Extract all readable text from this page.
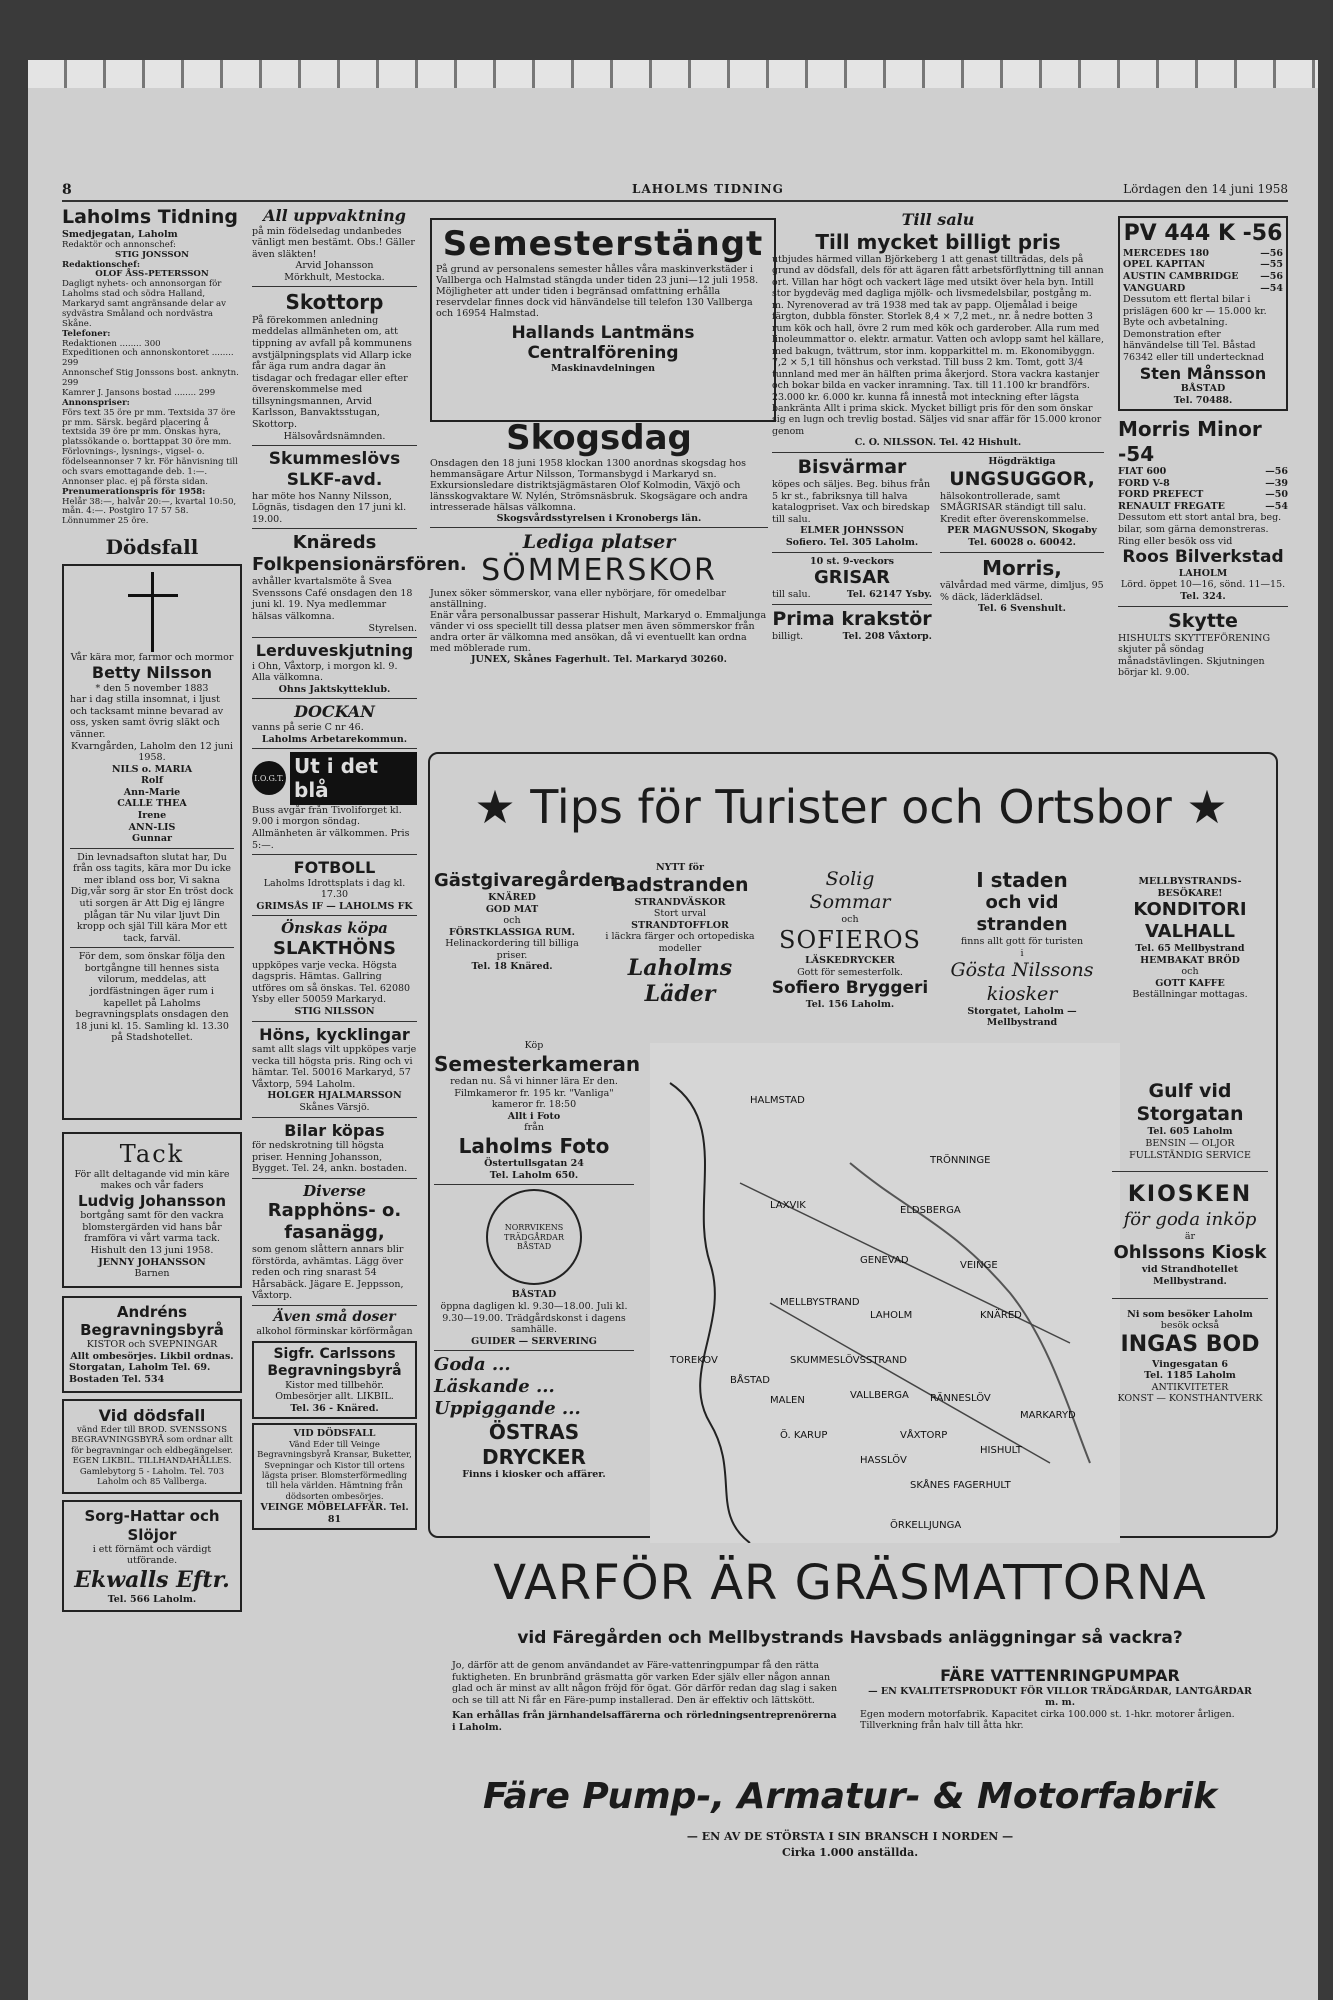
8	LAHOLMS TIDNING	Lördagen den 14 juni 1958
Laholms Tidning
Smedjegatan, Laholm

Redaktör och annonschef:

STIG JONSSON

Redaktionschef:

OLOF ÅSS-PETERSSON

Dagligt nyhets- och annonsorgan för Laholms stad och södra Halland, Markaryd samt angränsande delar av sydvästra Småland och nordvästra Skåne.

Telefoner:

Redaktionen ........ 300

Expeditionen och annonskontoret ........ 299

Annonschef Stig Jonssons bost. anknytn. 299

Kamrer J. Jansons bostad ........ 299

Annonspriser:

Förs text 35 öre pr mm. Textsida 37 öre pr mm. Särsk. begärd placering å textsida 39 öre pr mm. Önskas hyra, platssökande o. borttappat 30 öre mm. Förlovnings-, lysnings-, vigsel- o. födelseannonser 7 kr. För hänvisning till och svars emottagande deb. 1:—. Annonser plac. ej på första sidan.

Prenumerationspris för 1958:

Helår 38:—, halvår 20:—, kvartal 10:50, mån. 4:—. Postgiro 17 57 58.

Lönnummer 25 öre.

Dödsfall
Vår kära mor, farmor och mormor
Betty Nilsson
* den 5 november 1883

har i dag stilla insomnat, i ljust och tacksamt minne bevarad av oss, ysken samt övrig släkt och vänner.

Kvarngården, Laholm den 12 juni 1958.

NILS o. MARIA

Rolf

Ann-Marie

CALLE THEA

Irene

ANN-LIS

Gunnar

Din levnadsafton slutat har, Du från oss tagits, kära mor Du icke mer ibland oss bor, Vi sakna Dig,vår sorg är stor En tröst dock uti sorgen är Att Dig ej längre plågan tär Nu vilar ljuvt Din kropp och själ Till kära Mor ett tack, farväl.

För dem, som önskar följa den bortgångne till hennes sista vilorum, meddelas, att jordfästningen äger rum i kapellet på Laholms begravningsplats onsdagen den 18 juni kl. 15. Samling kl. 13.30 på Stadshotellet.

Tack

För allt deltagande vid min käre makes och vår faders

Ludvig Johansson

bortgång samt för den vackra blomstergärden vid hans bår framföra vi vårt varma tack.

Hishult den 13 juni 1958.

JENNY JOHANSSON

Barnen

Andréns Begravningsbyrå

KISTOR och SVEPNINGAR

Allt ombesörjes. Likbil ordnas.

Storgatan, Laholm Tel. 69.

Bostaden Tel. 534

Vid dödsfall

vänd Eder till BROD. SVENSSONS BEGRAVNINGSBYRÅ som ordnar allt för begravningar och eldbegängelser. EGEN LIKBIL. TILLHANDAHÅLLES. Gamlebytorg 5 - Laholm. Tel. 703 Laholm och 85 Vallberga.

Sorg-Hattar och Slöjor

i ett förnämt och värdigt utförande.

Ekwalls Eftr.

Tel. 566 Laholm.

All uppvaktning

på min födelsedag undanbedes vänligt men bestämt. Obs.! Gäller även släkten!

Arvid Johansson

Mörkhult, Mestocka.

Skottorp

På förekommen anledning meddelas allmänheten om, att tippning av avfall på kommunens avstjälpningsplats vid Allarp icke får äga rum andra dagar än tisdagar och fredagar eller efter överenskommelse med tillsyningsmannen, Arvid Karlsson, Banvaktsstugan, Skottorp.

Hälsovårdsnämnden.

Skummeslövs SLKF-avd.

har möte hos Nanny Nilsson, Lögnäs, tisdagen den 17 juni kl. 19.00.

Knäreds Folkpensionärsfören.

avhåller kvartalsmöte å Svea Svenssons Café onsdagen den 18 juni kl. 19. Nya medlemmar hälsas välkomna.

Styrelsen.

Lerduveskjutning

i Ohn, Våxtorp, i morgon kl. 9. Alla välkomna.

Ohns Jaktskytteklub.

DOCKAN

vanns på serie C nr 46.

Laholms Arbetarekommun.

I.O.G.T.
Ut i det blå

Buss avgår från Tivoliforget kl. 9.00 i morgon söndag. Allmänheten är välkommen. Pris 5:—.

FOTBOLL

Laholms Idrottsplats i dag kl. 17.30

GRIMSÅS IF — LAHOLMS FK

Önskas köpa
SLAKTHÖNS

uppköpes varje vecka. Högsta dagspris. Hämtas. Gallring utföres om så önskas. Tel. 62080 Ysby eller 50059 Markaryd.

STIG NILSSON

Höns, kycklingar

samt allt slags vilt uppköpes varje vecka till högsta pris. Ring och vi hämtar. Tel. 50016 Markaryd, 57 Våxtorp, 594 Laholm.

HOLGER HJALMARSSON

Skånes Värsjö.

Bilar köpas

för nedskrotning till högsta priser. Henning Johansson, Bygget. Tel. 24, ankn. bostaden.

Diverse
Rapphöns- o. fasanägg,

som genom slåttern annars blir förstörda, avhämtas. Lägg över reden och ring snarast 54 Hårsabäck. Jägare E. Jeppsson, Våxtorp.

Även små doser

alkohol förminskar körförmågan

Sigfr. Carlssons Begravningsbyrå

Kistor med tillbehör. Ombesörjer allt. LIKBIL.

Tel. 36 - Knäred.

VID DÖDSFALL

Vänd Eder till Veinge Begravningsbyrå Kransar, Buketter, Svepningar och Kistor till ortens lägsta priser. Blomsterförmedling till hela världen. Hämtning från dödsorten ombesörjes.

VEINGE MÖBELAFFÄR. Tel. 81

Semesterstängt

På grund av personalens semester hålles våra maskinverkstäder i Vallberga och Halmstad stängda under tiden 23 juni—12 juli 1958.

Möjligheter att under tiden i begränsad omfattning erhålla reservdelar finnes dock vid hänvändelse till telefon 130 Vallberga och 16954 Halmstad.

Hallands Lantmäns Centralförening
Maskinavdelningen
Skogsdag

Onsdagen den 18 juni 1958 klockan 1300 anordnas skogsdag hos hemmansägare Artur Nilsson, Tormansbygd i Markaryd sn. Exkursionsledare distriktsjägmästaren Olof Kolmodin, Växjö och länsskogvaktare W. Nylén, Strömsnäsbruk. Skogsägare och andra intresserade hälsas välkomna.

Skogsvårdsstyrelsen i Kronobergs län.

Lediga platser
SÖMMERSKOR

Junex söker sömmerskor, vana eller nybörjare, för omedelbar anställning.

Enär våra personalbussar passerar Hishult, Markaryd o. Emmaljunga vänder vi oss speciellt till dessa platser men även sömmerskor från andra orter är välkomna med ansökan, då vi eventuellt kan ordna med möblerade rum.

JUNEX, Skånes Fagerhult. Tel. Markaryd 30260.

Till salu
Till mycket billigt pris

utbjudes härmed villan Björkeberg 1 att genast tillträdas, dels på grund av dödsfall, dels för att ägaren fått arbetsförflyttning till annan ort. Villan har högt och vackert läge med utsikt över hela byn. Intill stor bygdeväg med dagliga mjölk- och livsmedelsbilar, postgång m. m. Nyrenoverad av trä 1938 med tak av papp. Oljemålad i beige färgton, dubbla fönster. Storlek 8,4 × 7,2 met., nr. å nedre botten 3 rum kök och hall, övre 2 rum med kök och garderober. Alla rum med linoleummattor o. elektr. armatur. Vatten och avlopp samt hel källare, med bakugn, tvättrum, stor inm. kopparkittel m. m. Ekonomibyggn. 7,2 × 5,1 till hönshus och verkstad. Till buss 2 km. Tomt, gott 3/4 tunnland med mer än hälften prima åkerjord. Stora vackra kastanjer och bokar bilda en vacker inramning. Tax. till 11.100 kr brandförs. 23.000 kr. 6.000 kr. kunna få innestå mot inteckning efter lägsta bankränta Allt i prima skick. Mycket billigt pris för den som önskar sig en lugn och trevlig bostad. Säljes vid snar affär för 15.000 kronor genom

C. O. NILSSON. Tel. 42 Hishult.

Bisvärmar

köpes och säljes. Beg. bihus från 5 kr st., fabriksnya till halva katalogpriset. Vax och biredskap till salu.

ELMER JOHNSSON

Sofiero. Tel. 305 Laholm.

10 st. 9-veckors

GRISAR
till salu.	Tel. 62147 Ysby.
Prima krakstör
billigt.	Tel. 208 Våxtorp.

Högdräktiga

UNGSUGGOR,

hälsokontrollerade, samt SMÅGRISAR ständigt till salu. Kredit efter överenskommelse.

PER MAGNUSSON, Skogaby

Tel. 60028 o. 60042.

Morris,

välvårdad med värme, dimljus, 95 % däck, läderklädsel.

Tel. 6 Svenshult.

PV 444 K -56
MERCEDES 180	—56
OPEL KAPITAN	—55
AUSTIN CAMBRIDGE —56
VANGUARD	—54

Dessutom ett flertal bilar i prislägen 600 kr — 15.000 kr. Byte och avbetalning. Demonstration efter hänvändelse till Tel. Båstad 76342 eller till undertecknad

Sten Månsson

BÅSTAD

Tel. 70488.

Morris Minor -54
FIAT 600	—56
FORD V-8	—39
FORD PREFECT	—50
RENAULT FREGATE	—54

Dessutom ett stort antal bra, beg. bilar, som gärna demonstreras. Ring eller besök oss vid

Roos Bilverkstad

LAHOLM

Lörd. öppet 10—16, sönd. 11—15.

Tel. 324.

Skytte

HISHULTS SKYTTEFÖRENING skjuter på söndag månadstävlingen. Skjutningen börjar kl. 9.00.

★ Tips för Turister och Ortsbor ★
Gästgivaregården

KNÄRED

GOD MAT

och

FÖRSTKLASSIGA RUM.

Helinackordering till billiga priser.

Tel. 18 Knäred.

NYTT för

Badstranden

STRANDVÄSKOR

Stort urval

STRANDTOFFLOR

i läckra färger och ortopediska modeller

Laholms Läder
Solig
Sommar

och

SOFIEROS

LÄSKEDRYCKER

Gott för semesterfolk.

Sofiero Bryggeri

Tel. 156 Laholm.

I staden
och vid stranden

finns allt gott för turisten

i

Gösta Nilssons kiosker

Storgatet, Laholm —

Mellbystrand

MELLBYSTRANDS-BESÖKARE!

KONDITORI VALHALL

Tel. 65 Mellbystrand

HEMBAKAT BRÖD

och

GOTT KAFFE

Beställningar mottagas.

Köp

Semesterkameran

redan nu. Så vi hinner lära Er den. Filmkameror fr. 195 kr. "Vanliga" kameror fr. 18:50

Allt i Foto

från

Laholms Foto

Östertullsgatan 24

Tel. Laholm 650.

NORRVIKENS TRÄDGÅRDAR BÅSTAD

BÅSTAD

öppna dagligen kl. 9.30—18.00. Juli kl. 9.30—19.00. Trädgårdskonst i dagens samhälle.

GUIDER — SERVERING

Goda ...
Läskande ...
Uppiggande ...
ÖSTRAS DRYCKER

Finns i kiosker och affärer.

HALMSTAD
TRÖNNINGE
LAXVIK	ELDSBERGA
GENEVAD	VEINGE
MELLBYSTRAND
LAHOLM	KNÄRED
TOREKOV
BÅSTAD
SKUMMESLÖVSSTRAND
MALEN	VALLBERGA RÄNNESLÖV
MARKARYD
Ö. KARUP	VÅXTORP
HISHULT
HASSLÖV
SKÅNES FAGERHULT
ÖRKELLJUNGA
Gulf vid Storgatan

Tel. 605 Laholm

BENSIN — OLJOR

FULLSTÄNDIG SERVICE

KIOSKEN
för goda inköp

är

Ohlssons Kiosk

vid Strandhotellet Mellbystrand.

Ni som besöker Laholm

besök också

INGAS BOD

Vingesgatan 6

Tel. 1185 Laholm

ANTIKVITETER

KONST — KONSTHANTVERK

VARFÖR ÄR GRÄSMATTORNA
vid Färegården och Mellbystrands Havsbads anläggningar så vackra?

Jo, därför att de genom användandet av Färe-vattenringpumpar få den rätta fuktigheten. En brunbränd gräsmatta gör varken Eder själv eller någon annan glad och är minst av allt någon fröjd för ögat. Gör därför redan dag slag i saken och se till att Ni får en Färe-pump installerad. Den är effektiv och lättskött.

Kan erhållas från järnhandelsaffärerna och rörledningsentreprenörerna i Laholm.

FÄRE VATTENRINGPUMPAR

— EN KVALITETSPRODUKT FÖR VILLOR TRÄDGÅRDAR, LANTGÅRDAR m. m.

Egen modern motorfabrik. Kapacitet cirka 100.000 st. 1-hkr. motorer årligen.

Tillverkning från halv till åtta hkr.

Färe Pump-, Armatur- & Motorfabrik
— EN AV DE STÖRSTA I SIN BRANSCH I NORDEN —
Cirka 1.000 anställda.
